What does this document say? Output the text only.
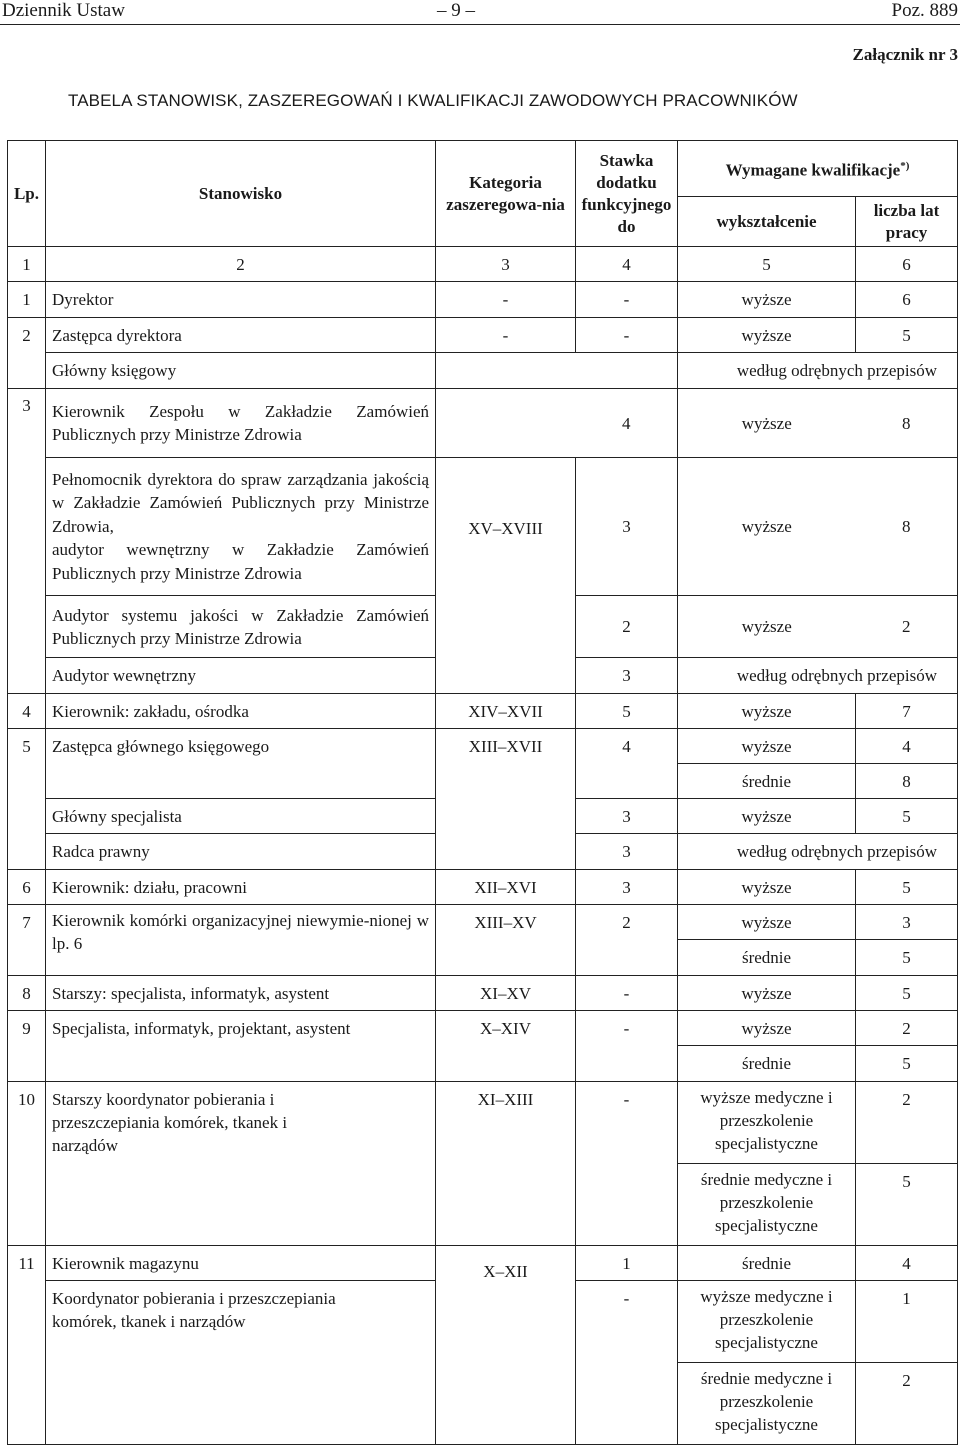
Dziennik Ustaw	– 9 –	Poz. 889
Załącznik nr 3
TABELA STANOWISK, ZASZEREGOWAŃ I KWALIFIKACJI ZAWODOWYCH PRACOWNIKÓW
Lp.	Stanowisko	Kategoria zaszeregowa-nia	Stawka dodatku funkcyjnego do	Wymagane kwalifikacje*)
				wykształcenie	liczba lat pracy
1	2	3	4	5	6
1	Dyrektor	-	-	wyższe	6
2	Zastępca dyrektora	-	-	wyższe	5
	Główny księgowy			według odrębnych przepisów	
3	Kierownik Zespołu w Zakładzie Zamówień Publicznych przy Ministrze Zdrowia		4	wyższe	8
	Pełnomocnik dyrektora do spraw zarządzania jakością w Zakładzie Zamówień Publicznych przy Ministrze Zdrowia,
audytor wewnętrzny w Zakładzie Zamówień Publicznych przy Ministrze Zdrowia	XV–XVIII	3	wyższe	8
	Audytor systemu jakości w Zakładzie Zamówień Publicznych przy Ministrze Zdrowia		2	wyższe	2
	Audytor wewnętrzny		3	według odrębnych przepisów	
4	Kierownik: zakładu, ośrodka	XIV–XVII	5	wyższe	7
5	Zastępca głównego księgowego	XIII–XVII	4	wyższe	4
				średnie	8
	Główny specjalista		3	wyższe	5
	Radca prawny		3	według odrębnych przepisów	
6	Kierownik: działu, pracowni	XII–XVI	3	wyższe	5
7	Kierownik komórki organizacyjnej niewymie-nionej w lp. 6	XIII–XV	2	wyższe	3
				średnie	5
8	Starszy: specjalista, informatyk, asystent	XI–XV	-	wyższe	5
9	Specjalista, informatyk, projektant, asystent	X–XIV	-	wyższe	2
				średnie	5
10	Starszy koordynator pobierania i przeszczepiania komórek, tkanek i narządów	XI–XIII	-	wyższe medyczne i przeszkolenie specjalistyczne	2
				średnie medyczne i przeszkolenie specjalistyczne	5
11	Kierownik magazynu	X–XII	1	średnie	4
	Koordynator pobierania i przeszczepiania komórek, tkanek i narządów		-	wyższe medyczne i przeszkolenie specjalistyczne	1
				średnie medyczne i przeszkolenie specjalistyczne	2
